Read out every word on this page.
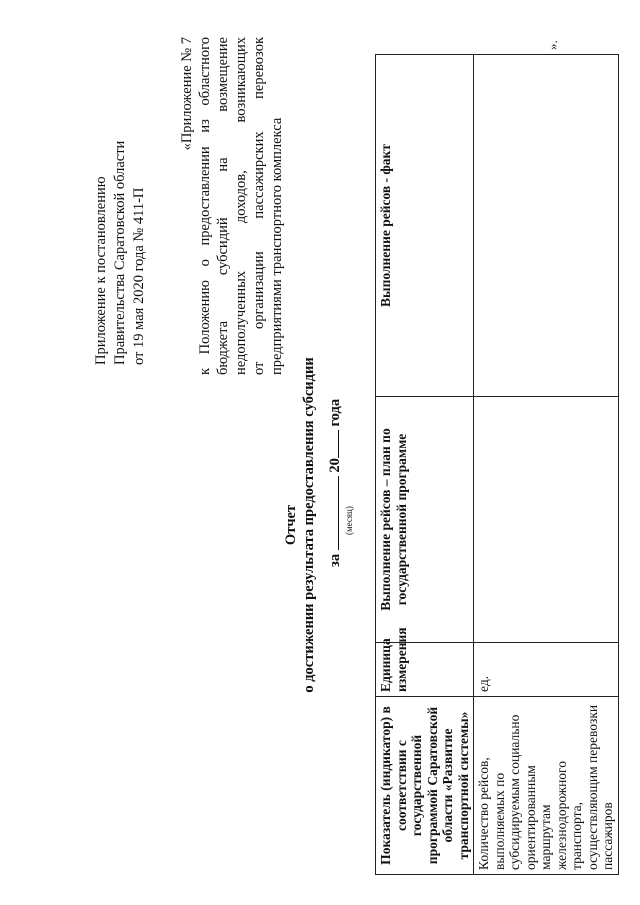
Приложение к постановлению Правительства Саратовской области от 19 мая 2020 года № 411-П
«Приложение № 7 к Положению о предоставлении из областного бюджета субсидий на возмещение недополученных доходов, возникающих от организации пассажирских перевозок предприятиями транспортного комплекса
Отчет о достижении результата предоставления субсидии за  20 года
(месяц)
Показатель (индикатор) в соответствии с государственной программой Саратовской области «Развитие транспортной системы»	Единица измерения	Выполнение рейсов – план по государственной программе	Выполнение рейсов - факт
Количество рейсов, выполняемых по субсидируемым социально ориентированным маршрутам железнодорожного транспорта, осуществляющим перевозки пассажиров	ед.		
».
